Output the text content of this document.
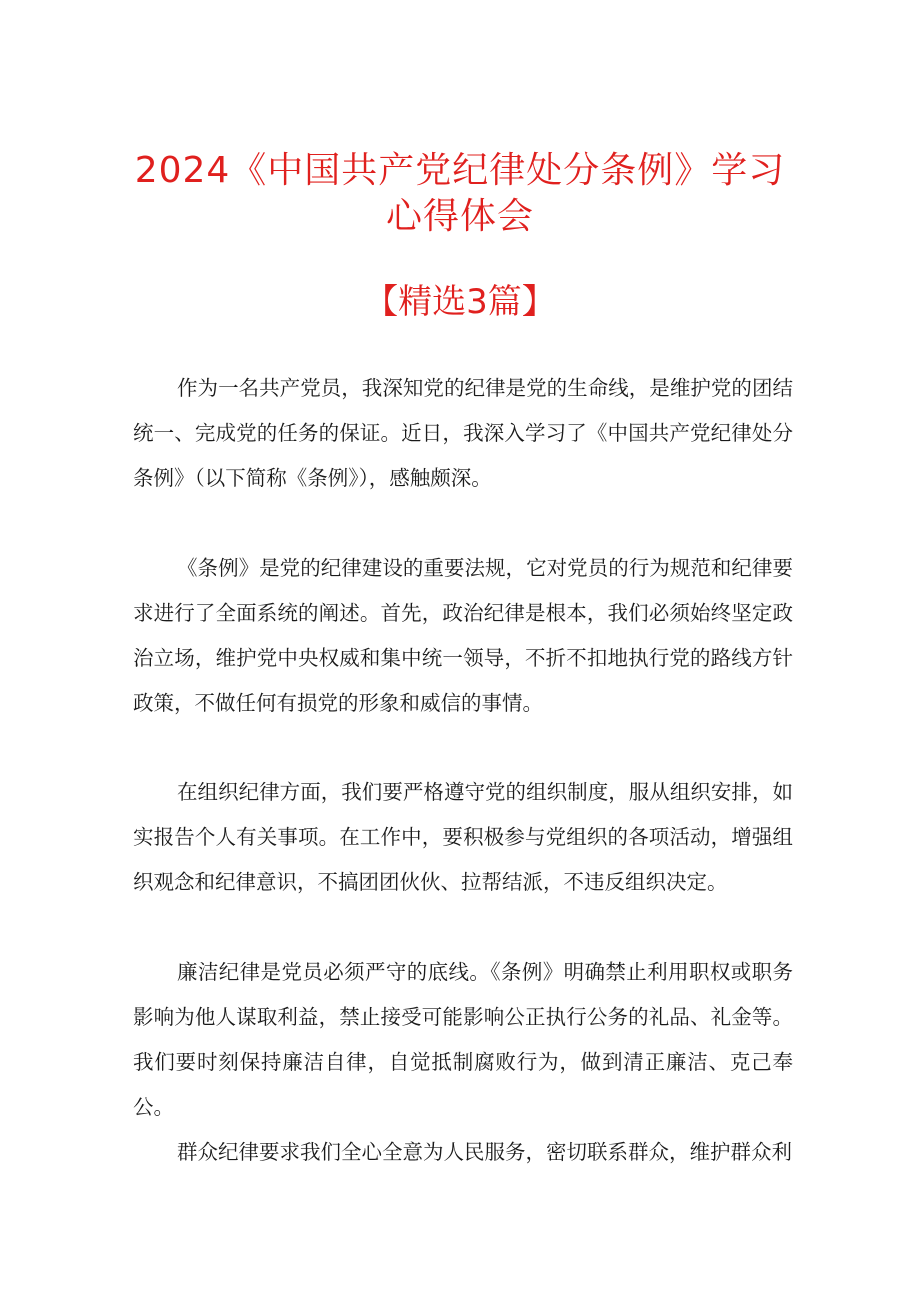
2024《中国共产党纪律处分条例》学习
心得体会
【精选3篇】

作为一名共产党员，我深知党的纪律是党的生命线，是维护党的团结统一、完成党的任务的保证。近日，我深入学习了《中国共产党纪律处分条例》（以下简称《条例》），感触颇深。

《条例》是党的纪律建设的重要法规，它对党员的行为规范和纪律要求进行了全面系统的阐述。首先，政治纪律是根本，我们必须始终坚定政治立场，维护党中央权威和集中统一领导，不折不扣地执行党的路线方针政策，不做任何有损党的形象和威信的事情。

在组织纪律方面，我们要严格遵守党的组织制度，服从组织安排，如实报告个人有关事项。在工作中，要积极参与党组织的各项活动，增强组织观念和纪律意识，不搞团团伙伙、拉帮结派，不违反组织决定。

廉洁纪律是党员必须严守的底线。《条例》明确禁止利用职权或职务影响为他人谋取利益，禁止接受可能影响公正执行公务的礼品、礼金等。我们要时刻保持廉洁自律，自觉抵制腐败行为，做到清正廉洁、克己奉公。

群众纪律要求我们全心全意为人民服务，密切联系群众，维护群众利
